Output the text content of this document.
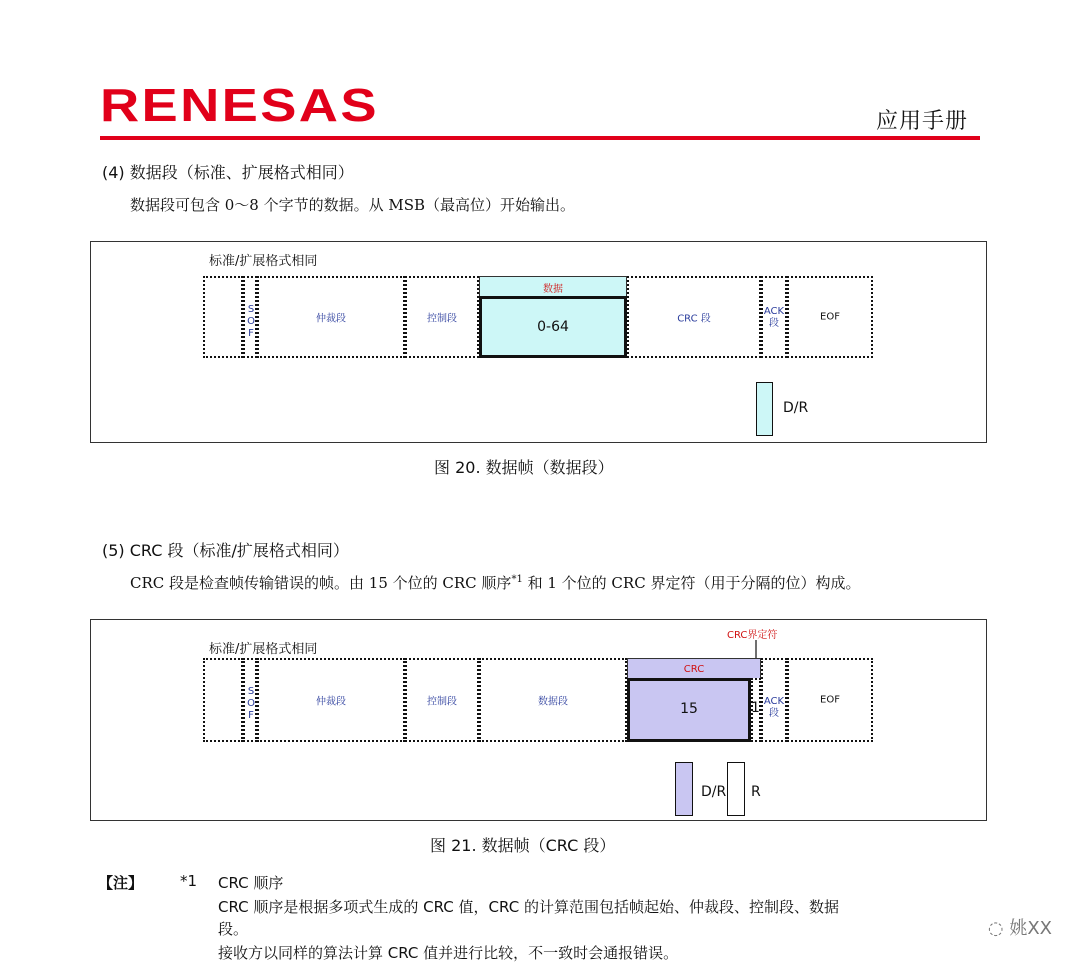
RENESAS	应用手册
(4) 数据段（标准、扩展格式相同）
数据段可包含 0～8 个字节的数据。从 MSB（最高位）开始输出。
标准/扩展格式相同
S
O
F
仲裁段	控制段
数据
0-64	CRC 段
ACK
段
EOF
D/R
图 20. 数据帧（数据段）
(5) CRC 段（标准/扩展格式相同）
CRC 段是检查帧传输错误的帧。由 15 个位的 CRC 顺序$^{*1}$ 和 1 个位的 CRC 界定符（用于分隔的位）构成。
标准/扩展格式相同
CRC界定符
S
O
F
仲裁段	控制段	数据段
CRC
15	1 ACK
段
EOF
D/R R
图 21. 数据帧（CRC 段）
【注】 *1 CRC 顺序
CRC 顺序是根据多项式生成的 CRC 值，CRC 的计算范围包括帧起始、仲裁段、控制段、数据
段。
接收方以同样的算法计算 CRC 值并进行比较，不一致时会通报错误。
◌ 姚XX
